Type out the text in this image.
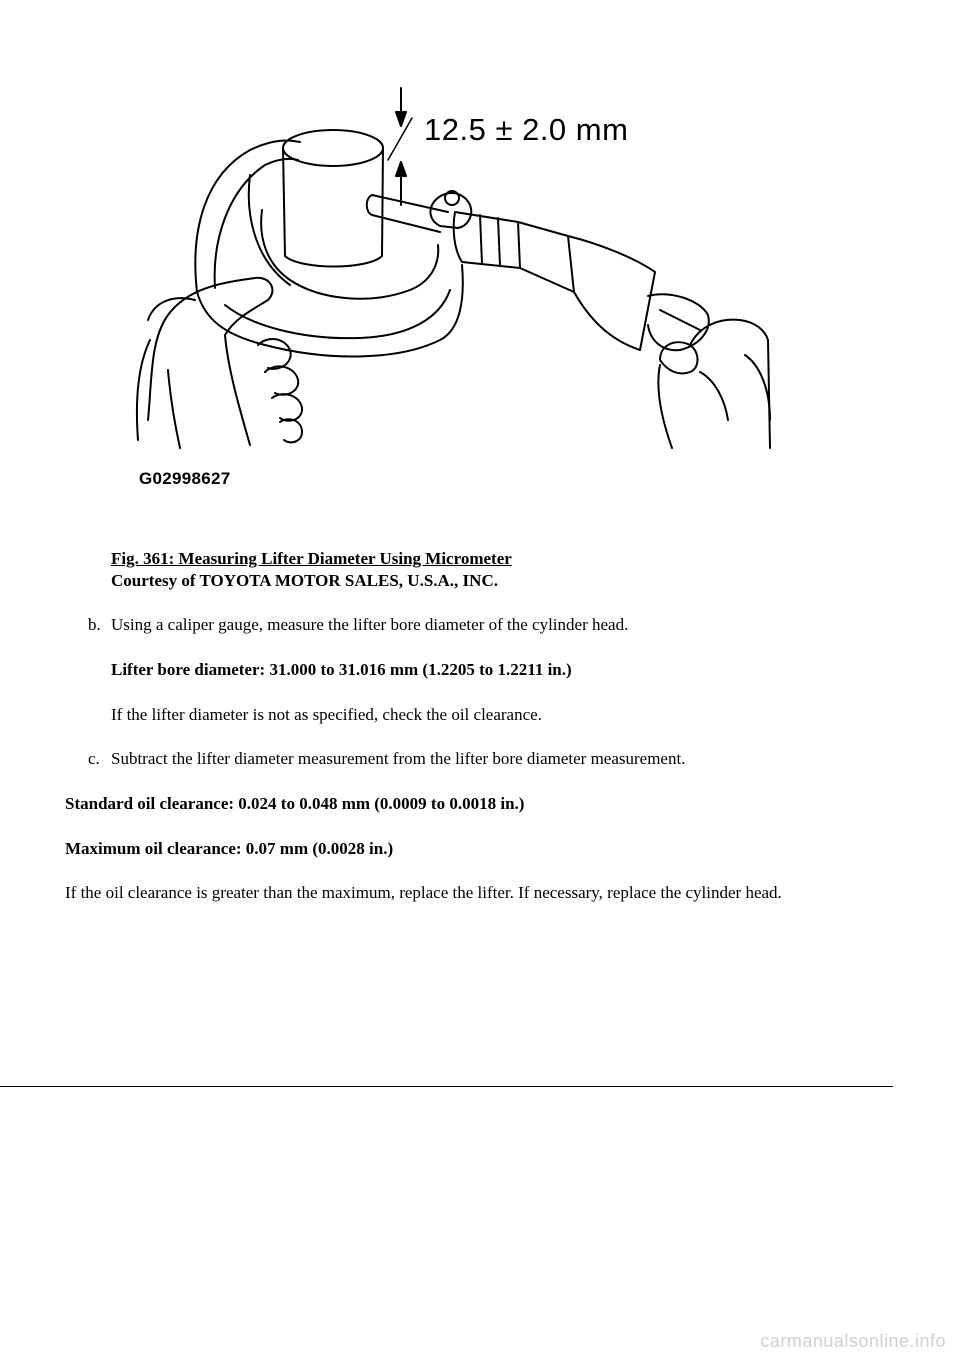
12.5 ± 2.0 mm
G02998627
Fig. 361: Measuring Lifter Diameter Using Micrometer
Courtesy of TOYOTA MOTOR SALES, U.S.A., INC.
b. Using a caliper gauge, measure the lifter bore diameter of the cylinder head.
Lifter bore diameter: 31.000 to 31.016 mm (1.2205 to 1.2211 in.)
If the lifter diameter is not as specified, check the oil clearance.
c. Subtract the lifter diameter measurement from the lifter bore diameter measurement.
Standard oil clearance: 0.024 to 0.048 mm (0.0009 to 0.0018 in.)
Maximum oil clearance: 0.07 mm (0.0028 in.)
If the oil clearance is greater than the maximum, replace the lifter. If necessary, replace the cylinder head.
carmanualsonline.info
